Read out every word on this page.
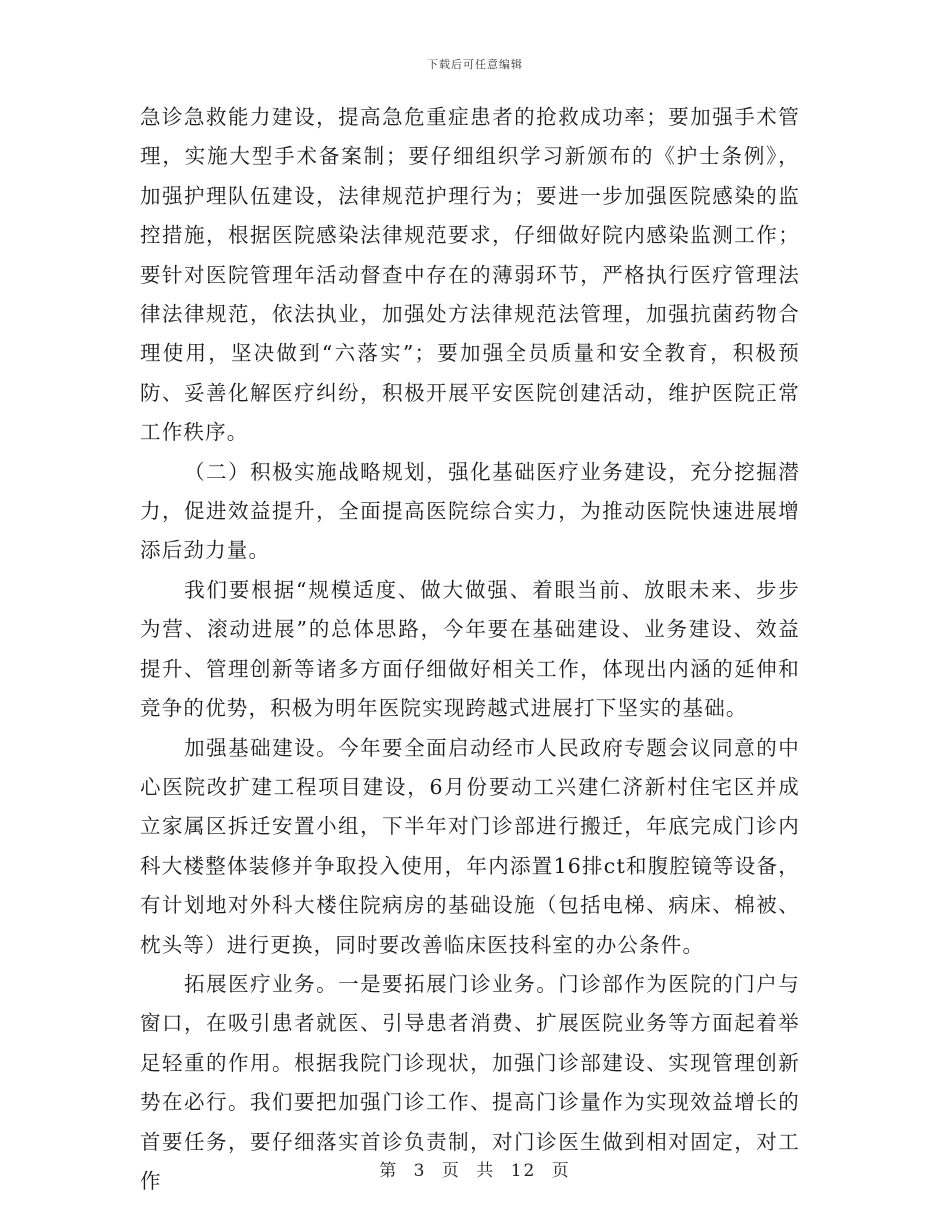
下载后可任意编辑

急诊急救能力建设，提高急危重症患者的抢救成功率；要加强手术管理，实施大型手术备案制；要仔细组织学习新颁布的《护士条例》，加强护理队伍建设，法律规范护理行为；要进一步加强医院感染的监控措施，根据医院感染法律规范要求，仔细做好院内感染监测工作；要针对医院管理年活动督查中存在的薄弱环节，严格执行医疗管理法律法律规范，依法执业，加强处方法律规范法管理，加强抗菌药物合理使用，坚决做到“六落实”；要加强全员质量和安全教育，积极预防、妥善化解医疗纠纷，积极开展平安医院创建活动，维护医院正常工作秩序。

（二）积极实施战略规划，强化基础医疗业务建设，充分挖掘潜力，促进效益提升，全面提高医院综合实力，为推动医院快速进展增添后劲力量。

我们要根据“规模适度、做大做强、着眼当前、放眼未来、步步为营、滚动进展”的总体思路，今年要在基础建设、业务建设、效益提升、管理创新等诸多方面仔细做好相关工作，体现出内涵的延伸和竞争的优势，积极为明年医院实现跨越式进展打下坚实的基础。

加强基础建设。今年要全面启动经市人民政府专题会议同意的中心医院改扩建工程项目建设，6月份要动工兴建仁济新村住宅区并成立家属区拆迁安置小组，下半年对门诊部进行搬迁，年底完成门诊内科大楼整体装修并争取投入使用，年内添置16排ct和腹腔镜等设备，有计划地对外科大楼住院病房的基础设施（包括电梯、病床、棉被、枕头等）进行更换，同时要改善临床医技科室的办公条件。

拓展医疗业务。一是要拓展门诊业务。门诊部作为医院的门户与窗口，在吸引患者就医、引导患者消费、扩展医院业务等方面起着举足轻重的作用。根据我院门诊现状，加强门诊部建设、实现管理创新势在必行。我们要把加强门诊工作、提高门诊量作为实现效益增长的首要任务，要仔细落实首诊负责制，对门诊医生做到相对固定，对工作	第 3 页 共 12 页
